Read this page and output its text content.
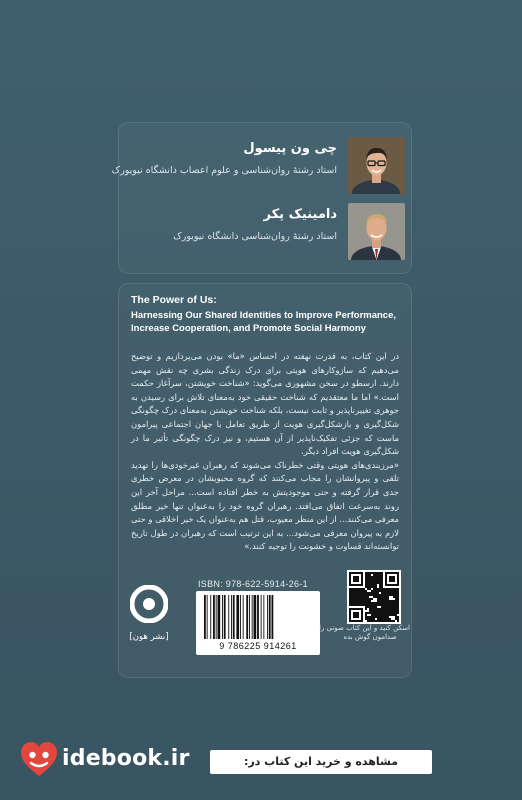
چی ون پیسول
استاد رشتهٔ روان‌شناسی و علوم اعصاب دانشگاه نیویورک
دامینیک پکر
استاد رشتهٔ روان‌شناسی دانشگاه نیویورک
The Power of Us:
Harnessing Our Shared Identities to Improve Performance, Increase Cooperation, and Promote Social Harmony

در این کتاب، به قدرت نهفته در احساس «ما» بودن می‌پردازیم و توضیح می‌دهیم که سازوکارهای هویتی برای درک زندگی بشری چه نقش مهمی دارند. ارسطو در سخن مشهوری می‌گوید: «شناخت خویشتن، سرآغاز حکمت است.» اما ما معتقدیم که شناخت حقیقی خود به‌معنای تلاش برای رسیدن به جوهری تغییرناپذیر و ثابت نیست، بلکه شناخت خویشتن به‌معنای درک چگونگی شکل‌گیری و بازشکل‌گیری هویت از طریق تعامل با جهان اجتماعی پیرامون ماست که جزئی تفکیک‌ناپذیر از آن هستیم، و نیز درک چگونگی تأثیر ما در شکل‌گیری هویت افراد دیگر.

«مرزبندی‌های هویتی وقتی خطرناک می‌شوند که رهبران غیرخودی‌ها را تهدید تلقی و پیروانشان را مجاب می‌کنند که گروه محبوبشان در معرض خطری جدی قرار گرفته و حتی موجودیتش به خطر افتاده است... مراحل آخر این روند به‌سرعت اتفاق می‌افتد. رهبران گروه خود را به‌عنوان تنها خیر مطلق معرفی می‌کنند... از این منظر معیوب، قتل هم به‌عنوان یک خیر اخلاقی و حتی لازم به پیروان معرفی می‌شود... به این ترتیب است که رهبران در طول تاریخ توانسته‌اند قساوت و خشونت را توجیه کنند.»

[نشر هون]
ISBN: 978-622-5914-26-1
9 786225 914261
اسکن کنید و این کتاب صوتی را
صدامون گوش بده
idebook.ir	مشاهده و خرید این کتاب در:
